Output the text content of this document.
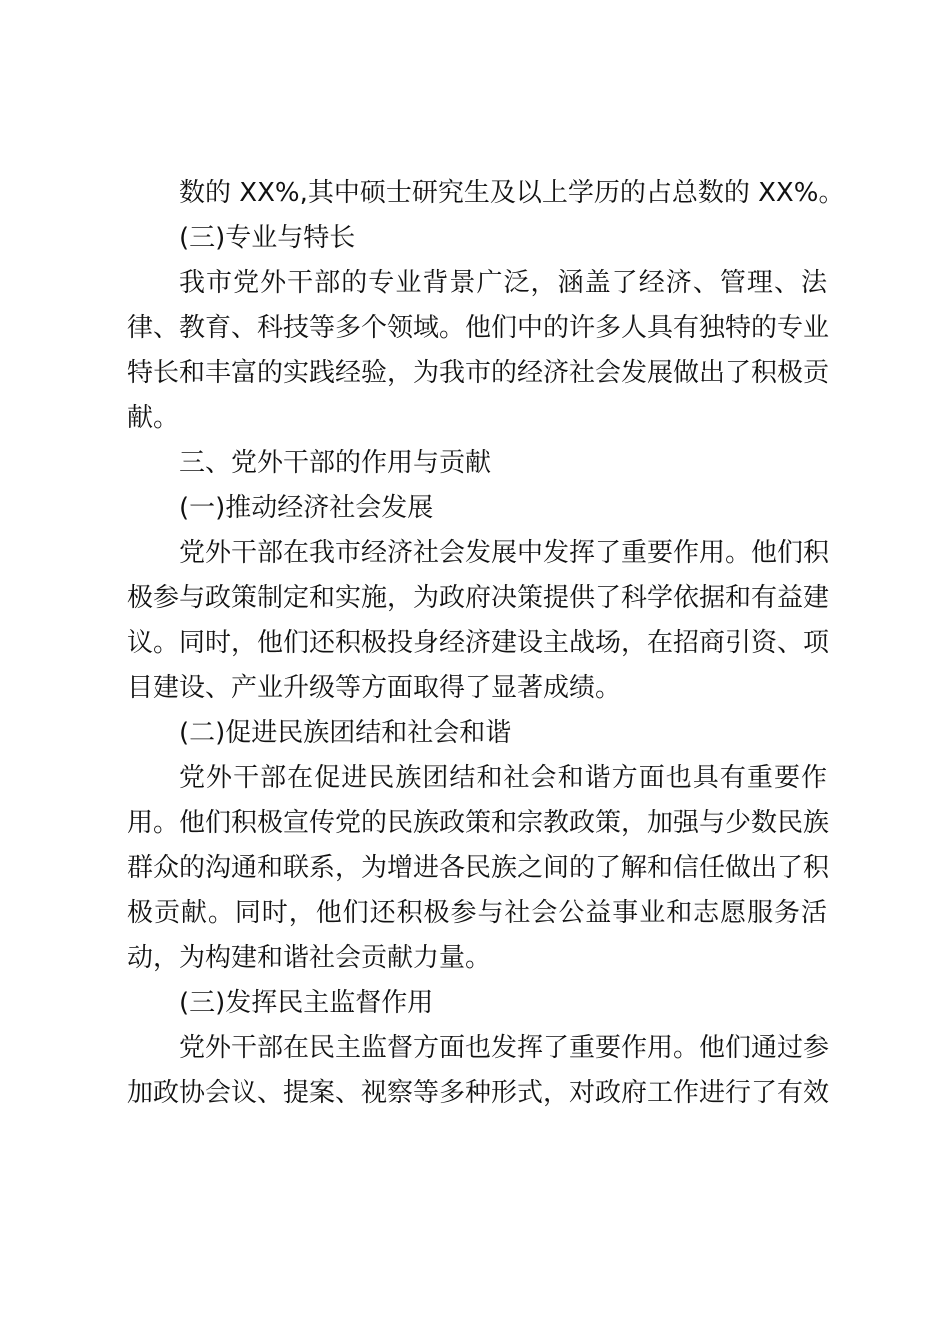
数的 XX%,其中硕士研究生及以上学历的占总数的 XX%。
(三)专业与特长
我市党外干部的专业背景广泛，涵盖了经济、管理、法
律、教育、科技等多个领域。他们中的许多人具有独特的专业
特长和丰富的实践经验，为我市的经济社会发展做出了积极贡
献。
三、党外干部的作用与贡献
(一)推动经济社会发展
党外干部在我市经济社会发展中发挥了重要作用。他们积
极参与政策制定和实施，为政府决策提供了科学依据和有益建
议。同时，他们还积极投身经济建设主战场，在招商引资、项
目建设、产业升级等方面取得了显著成绩。
(二)促进民族团结和社会和谐
党外干部在促进民族团结和社会和谐方面也具有重要作
用。他们积极宣传党的民族政策和宗教政策，加强与少数民族
群众的沟通和联系，为增进各民族之间的了解和信任做出了积
极贡献。同时，他们还积极参与社会公益事业和志愿服务活
动，为构建和谐社会贡献力量。
(三)发挥民主监督作用
党外干部在民主监督方面也发挥了重要作用。他们通过参
加政协会议、提案、视察等多种形式，对政府工作进行了有效
